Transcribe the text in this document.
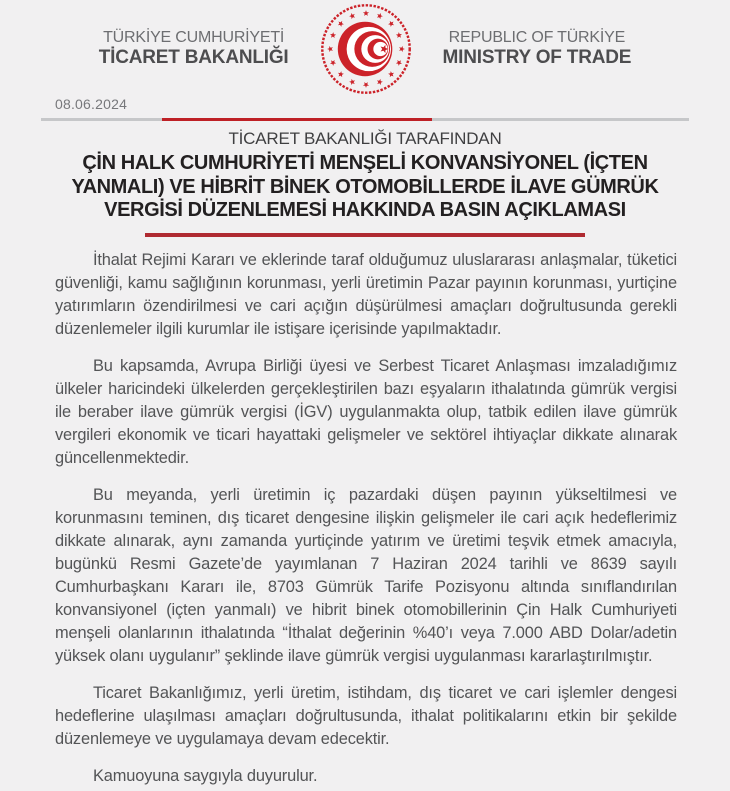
TÜRKİYE CUMHURİYETİ
TİCARET BAKANLIĞI
REPUBLIC OF TÜRKİYE
MINISTRY OF TRADE
08.06.2024
TİCARET BAKANLIĞI TARAFINDAN
ÇİN HALK CUMHURİYETİ MENŞELİ KONVANSİYONEL (İÇTEN
YANMALI) VE HİBRİT BİNEK OTOMOBİLLERDE İLAVE GÜMRÜK
VERGİSİ DÜZENLEMESİ HAKKINDA BASIN AÇIKLAMASI

İthalat Rejimi Kararı ve eklerinde taraf olduğumuz uluslararası anlaşmalar, tüketici güvenliği, kamu sağlığının korunması, yerli üretimin Pazar payının korunması, yurtiçine yatırımların özendirilmesi ve cari açığın düşürülmesi amaçları doğrultusunda gerekli düzenlemeler ilgili kurumlar ile istişare içerisinde yapılmaktadır.

Bu kapsamda, Avrupa Birliği üyesi ve Serbest Ticaret Anlaşması imzaladığımız ülkeler haricindeki ülkelerden gerçekleştirilen bazı eşyaların ithalatında gümrük vergisi ile beraber ilave gümrük vergisi (İGV) uygulanmakta olup, tatbik edilen ilave gümrük vergileri ekonomik ve ticari hayattaki gelişmeler ve sektörel ihtiyaçlar dikkate alınarak güncellenmektedir.

Bu meyanda, yerli üretimin iç pazardaki düşen payının yükseltilmesi ve korunmasını teminen, dış ticaret dengesine ilişkin gelişmeler ile cari açık hedeflerimiz dikkate alınarak, aynı zamanda yurtiçinde yatırım ve üretimi teşvik etmek amacıyla, bugünkü Resmi Gazete’de yayımlanan 7 Haziran 2024 tarihli ve 8639 sayılı Cumhurbaşkanı Kararı ile, 8703 Gümrük Tarife Pozisyonu altında sınıflandırılan konvansiyonel (içten yanmalı) ve hibrit binek otomobillerinin Çin Halk Cumhuriyeti menşeli olanlarının ithalatında “İthalat değerinin %40’ı veya 7.000 ABD Dolar/adetin yüksek olanı uygulanır” şeklinde ilave gümrük vergisi uygulanması kararlaştırılmıştır.

Ticaret Bakanlığımız, yerli üretim, istihdam, dış ticaret ve cari işlemler dengesi hedeflerine ulaşılması amaçları doğrultusunda, ithalat politikalarını etkin bir şekilde düzenlemeye ve uygulamaya devam edecektir.

Kamuoyuna saygıyla duyurulur.
